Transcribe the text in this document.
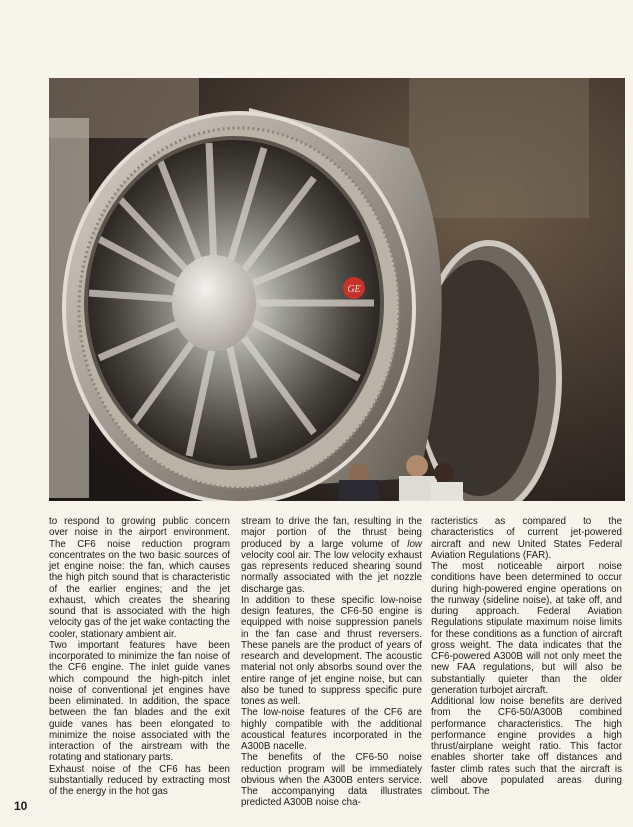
GE

to respond to growing public concern over noise in the airport environment. The CF6 noise reduction program concentrates on the two basic sources of jet engine noise: the fan, which causes the high pitch sound that is characteristic of the earlier engines; and the jet exhaust, which creates the shearing sound that is associated with the high velocity gas of the jet wake contacting the cooler, stationary ambient air.

Two important features have been incorporated to minimize the fan noise of the CF6 engine. The inlet guide vanes which compound the high-pitch inlet noise of conventional jet engines have been eliminated. In addition, the space between the fan blades and the exit guide vanes has been elongated to minimize the noise associated with the interaction of the airstream with the rotating and stationary parts.

Exhaust noise of the CF6 has been substantially reduced by extracting most of the energy in the hot gas

stream to drive the fan, resulting in the major portion of the thrust being produced by a large volume of low velocity cool air. The low velocity exhaust gas represents reduced shearing sound normally associated with the jet nozzle discharge gas.

In addition to these specific low-noise design features, the CF6-50 engine is equipped with noise suppression panels in the fan case and thrust reversers. These panels are the product of years of research and development. The acoustic material not only absorbs sound over the entire range of jet engine noise, but can also be tuned to suppress specific pure tones as well.

The low-noise features of the CF6 are highly compatible with the additional acoustical features incorporated in the A300B nacelle.

The benefits of the CF6-50 noise reduction program will be immediately obvious when the A300B enters service. The accompanying data illustrates predicted A300B noise cha-

racteristics as compared to the characteristics of current jet-powered aircraft and new United States Federal Aviation Regulations (FAR).

The most noticeable airport noise conditions have been determined to occur during high-powered engine operations on the runway (sideline noise), at take off, and during approach. Federal Aviation Regulations stipulate maximum noise limits for these conditions as a function of aircraft gross weight. The data indicates that the CF6-powered A300B will not only meet the new FAA regulations, but will also be substantially quieter than the older generation turbojet aircraft.

Additional low noise benefits are derived from the CF6-50/A300B combined performance characteristics. The high performance engine provides a high thrust/airplane weight ratio. This factor enables shorter take off distances and faster climb rates such that the aircraft is well above populated areas during climbout. The

10
